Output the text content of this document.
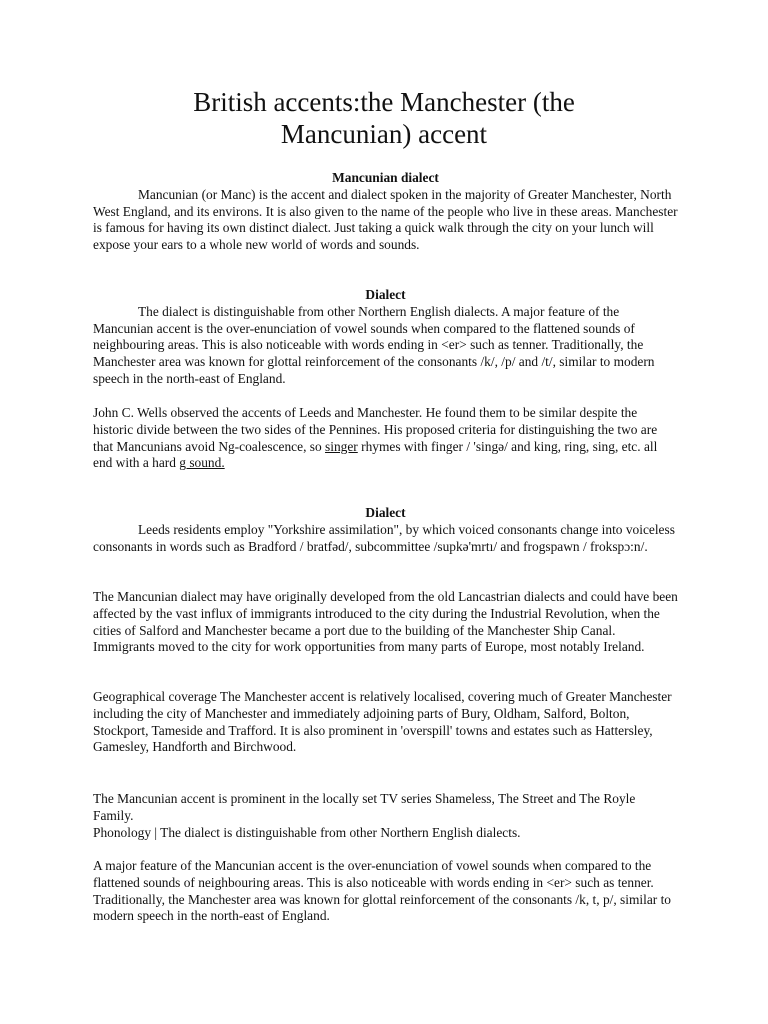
British accents:the Manchester (the
Mancunian) accent

Mancunian dialect

Mancunian (or Manc) is the accent and dialect spoken in the majority of Greater Manchester, North West England, and its environs. It is also given to the name of the people who live in these areas. Manchester is famous for having its own distinct dialect. Just taking a quick walk through the city on your lunch will expose your ears to a whole new world of words and sounds.

Dialect

The dialect is distinguishable from other Northern English dialects. A major feature of the Mancunian accent is the over-enunciation of vowel sounds when compared to the flattened sounds of neighbouring areas. This is also noticeable with words ending in <er> such as tenner. Traditionally, the Manchester area was known for glottal reinforcement of the consonants /k/, /p/ and /t/, similar to modern speech in the north-east of England.

John C. Wells observed the accents of Leeds and Manchester. He found them to be similar despite the historic divide between the two sides of the Pennines. His proposed criteria for distinguishing the two are that Mancunians avoid Ng-coalescence, so singer rhymes with finger / 'singə/ and king, ring, sing, etc. all end with a hard g sound.

Dialect

Leeds residents employ "Yorkshire assimilation", by which voiced consonants change into voiceless consonants in words such as Bradford / bratfəd/, subcommittee /supkə'mrtı/ and frogspawn / frokspɔ:n/.

The Mancunian dialect may have originally developed from the old Lancastrian dialects and could have been affected by the vast influx of immigrants introduced to the city during the Industrial Revolution, when the cities of Salford and Manchester became a port due to the building of the Manchester Ship Canal. Immigrants moved to the city for work opportunities from many parts of Europe, most notably Ireland.

Geographical coverage The Manchester accent is relatively localised, covering much of Greater Manchester including the city of Manchester and immediately adjoining parts of Bury, Oldham, Salford, Bolton, Stockport, Tameside and Trafford. It is also prominent in 'overspill' towns and estates such as Hattersley, Gamesley, Handforth and Birchwood.

The Mancunian accent is prominent in the locally set TV series Shameless, The Street and The Royle Family.

Phonology | The dialect is distinguishable from other Northern English dialects.

A major feature of the Mancunian accent is the over-enunciation of vowel sounds when compared to the flattened sounds of neighbouring areas. This is also noticeable with words ending in <er> such as tenner. Traditionally, the Manchester area was known for glottal reinforcement of the consonants /k, t, p/, similar to modern speech in the north-east of England.
